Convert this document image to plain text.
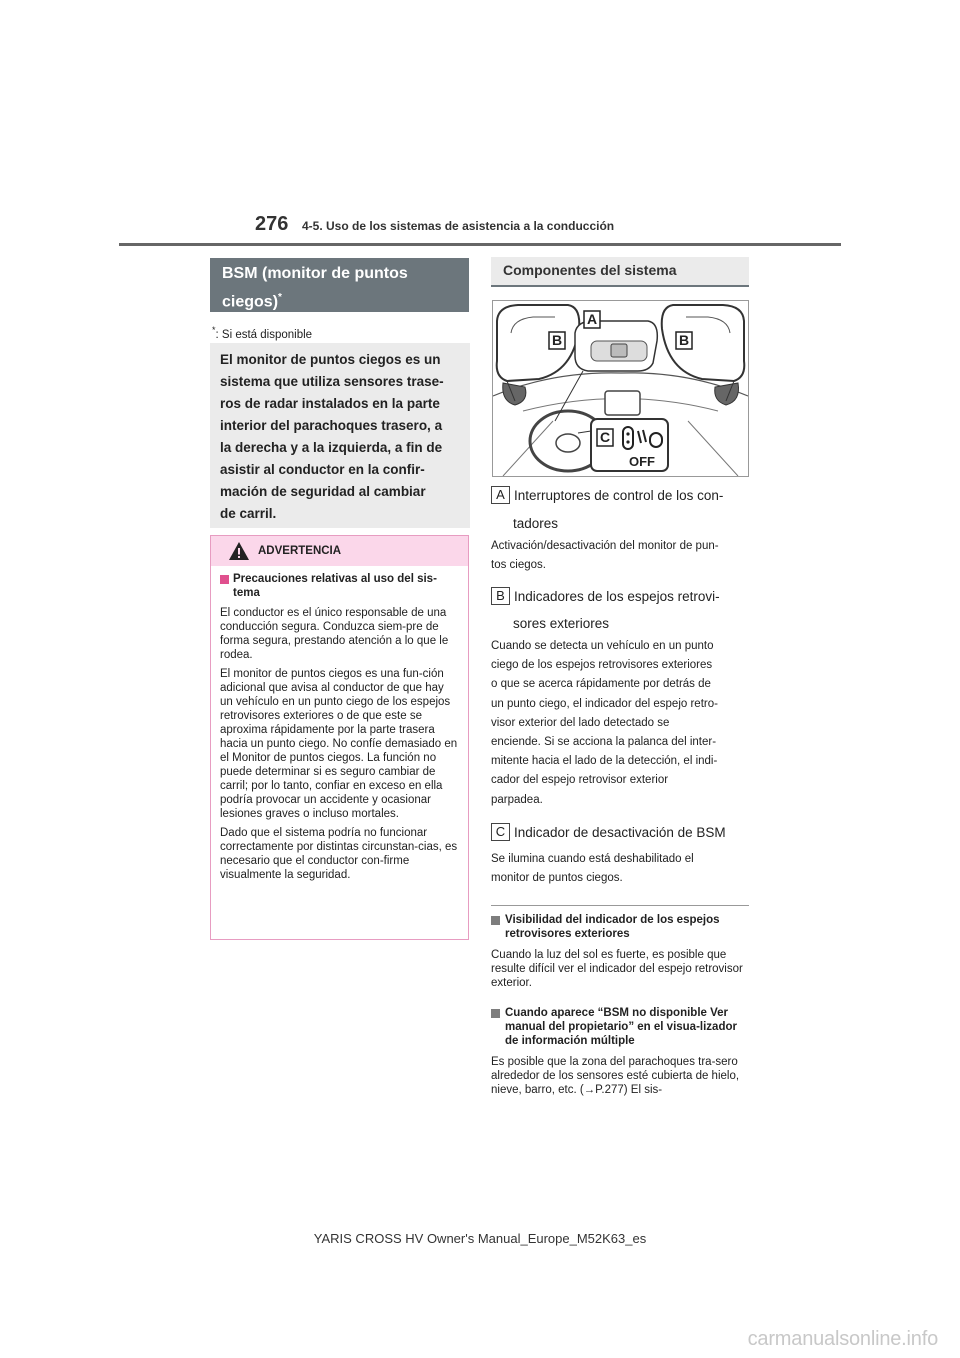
276 4-5. Uso de los sistemas de asistencia a la conducción
BSM (monitor de puntos
ciegos)*
*: Si está disponible
El monitor de puntos ciegos es un
sistema que utiliza sensores trase-
ros de radar instalados en la parte
interior del parachoques trasero, a
la derecha y a la izquierda, a fin de
asistir al conductor en la confir-
mación de seguridad al cambiar
de carril.
ADVERTENCIA
Precauciones relativas al uso del sis-tema

El conductor es el único responsable de una conducción segura. Conduzca siem-pre de forma segura, prestando atención a lo que le rodea.

El monitor de puntos ciegos es una fun-ción adicional que avisa al conductor de que hay un vehículo en un punto ciego de los espejos retrovisores exteriores o de que este se aproxima rápidamente por la parte trasera hacia un punto ciego. No confíe demasiado en el Monitor de puntos ciegos. La función no puede determinar si es seguro cambiar de carril; por lo tanto, confiar en exceso en ella podría provocar un accidente y ocasionar lesiones graves o incluso mortales.

Dado que el sistema podría no funcionar correctamente por distintas circunstan-cias, es necesario que el conductor con-firme visualmente la seguridad.

Componentes del sistema
A
B	B
C
OFF
A Interruptores de control de los con-
tadores
Activación/desactivación del monitor de pun-
tos ciegos.
B Indicadores de los espejos retrovi-
sores exteriores
Cuando se detecta un vehículo en un punto
ciego de los espejos retrovisores exteriores
o que se acerca rápidamente por detrás de
un punto ciego, el indicador del espejo retro-
visor exterior del lado detectado se
enciende. Si se acciona la palanca del inter-
mitente hacia el lado de la detección, el indi-
cador del espejo retrovisor exterior
parpadea.
C Indicador de desactivación de BSM
Se ilumina cuando está deshabilitado el
monitor de puntos ciegos.
Visibilidad del indicador de los espejos retrovisores exteriores
Cuando la luz del sol es fuerte, es posible que resulte difícil ver el indicador del espejo retrovisor exterior.
Cuando aparece “BSM no disponible Ver manual del propietario” en el visua-lizador de información múltiple
Es posible que la zona del parachoques tra-sero alrededor de los sensores esté cubierta de hielo, nieve, barro, etc. (→P.277) El sis-
YARIS CROSS HV Owner's Manual_Europe_M52K63_es
carmanualsonline.info
